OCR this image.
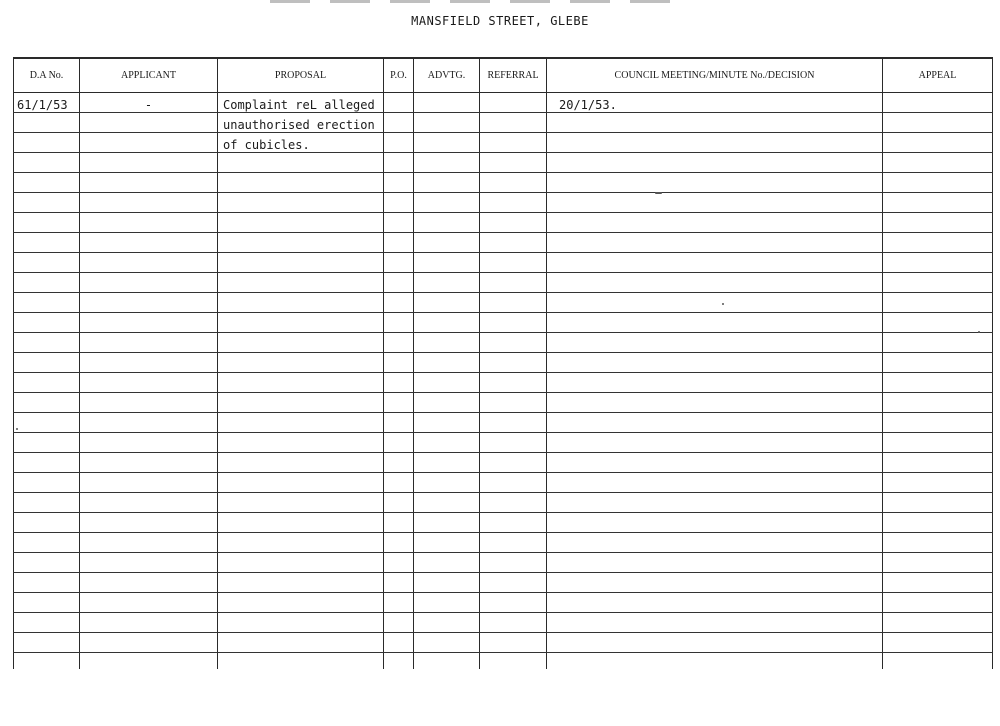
MANSFIELD STREET, GLEBE
D.A No.	APPLICANT	PROPOSAL	P.O.	ADVTG.	REFERRAL	COUNCIL MEETING/MINUTE No./DECISION	APPEAL
61/1/53	-	Complaint reL alleged				20/1/53.	
		unauthorised erection					
		of cubicles.					
